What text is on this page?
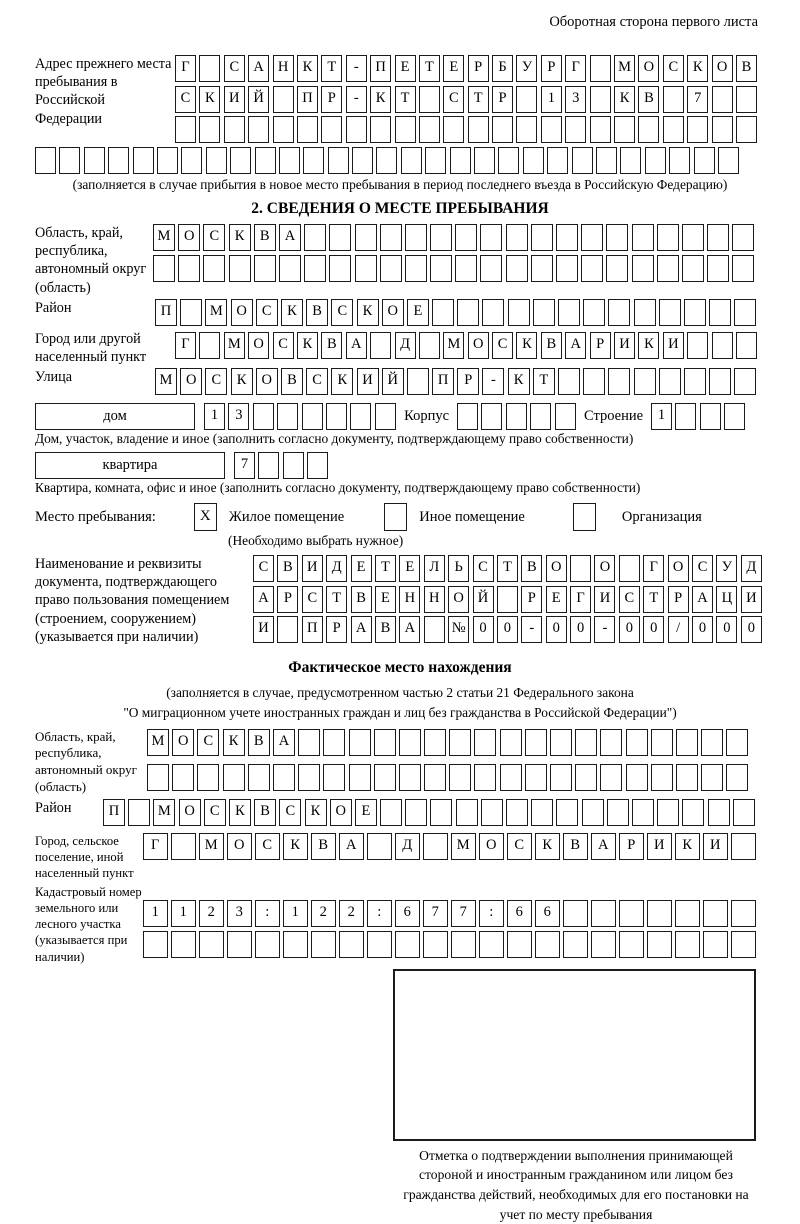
Оборотная сторона первого листа
Адрес прежнего места пребывания в Российской Федерации
Г	С А Н К Т - П Е Т Е Р Б У Р Г	М О С К О В
С К И Й	П Р - К Т	С Т Р	1 3	К В	7
(заполняется в случае прибытия в новое место пребывания в период последнего въезда в Российскую Федерацию)
2. СВЕДЕНИЯ О МЕСТЕ ПРЕБЫВАНИЯ
Область, край, республика, автономный округ (область)
М О С К В А
Район	П	М О С К В С К О Е
Город или другой населенный пункт
Г	М О С К В А	Д	М О С К В А Р И К И
Улица	М О С К О В С К И Й	П Р - К Т
дом	1 3	Корпус	Строение	1
Дом, участок, владение и иное (заполнить согласно документу, подтверждающему право собственности)
квартира	7
Квартира, комната, офис и иное (заполнить согласно документу, подтверждающему право собственности)
Место пребывания:	X	Жилое помещение	Иное помещение	Организация
(Необходимо выбрать нужное)
Наименование и реквизиты документа, подтверждающего право пользования помещением (строением, сооружением) (указывается при наличии)
С В И Д Е Т Е Л Ь С Т В О	О	Г О С У Д
А Р С Т В Е Н Н О Й	Р Е Г И С Т Р А Ц И
И	П Р А В А	№ 0 0 - 0 0 - 0 0 / 0 0 0
Фактическое место нахождения
(заполняется в случае, предусмотренном частью 2 статьи 21 Федерального закона
"О миграционном учете иностранных граждан и лиц без гражданства в Российской Федерации")
Область, край, республика, автономный округ (область)
М О С К В А
Район	П	М О С К В С К О Е
Город, сельское поселение, иной населенный пункт
Г	М О С К В А	Д	М О С К В А Р И К И
Кадастровый номер земельного или лесного участка (указывается при наличии)
1 1 2 3 : 1 2 2 : 6 7 7 : 6 6
Отметка о подтверждении выполнения принимающей стороной и иностранным гражданином или лицом без гражданства действий, необходимых для его постановки на учет по месту пребывания
